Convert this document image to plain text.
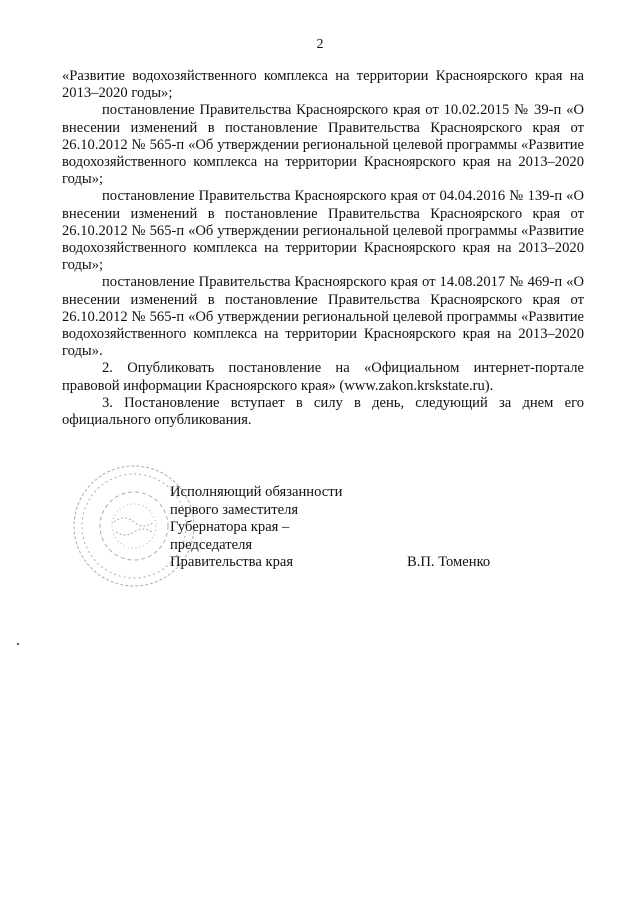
2

«Развитие водохозяйственного комплекса на территории Красноярского края на 2013–2020 годы»;

постановление Правительства Красноярского края от 10.02.2015 № 39-п «О внесении изменений в постановление Правительства Красноярского края от 26.10.2012 № 565-п «Об утверждении региональной целевой программы «Развитие водохозяйственного комплекса на территории Красноярского края на 2013–2020 годы»;

постановление Правительства Красноярского края от 04.04.2016 № 139-п «О внесении изменений в постановление Правительства Красноярского края от 26.10.2012 № 565-п «Об утверждении региональной целевой программы «Развитие водохозяйственного комплекса на территории Красноярского края на 2013–2020 годы»;

постановление Правительства Красноярского края от 14.08.2017 № 469-п «О внесении изменений в постановление Правительства Красноярского края от 26.10.2012 № 565-п «Об утверждении региональной целевой программы «Развитие водохозяйственного комплекса на территории Красноярского края на 2013–2020 годы».

2. Опубликовать постановление на «Официальном интернет-портале правовой информации Красноярского края» (www.zakon.krskstate.ru).

3. Постановление вступает в силу в день, следующий за днем его официального опубликования.

Исполняющий обязанности
первого заместителя
Губернатора края –
председателя
Правительства края	В.П. Томенко
